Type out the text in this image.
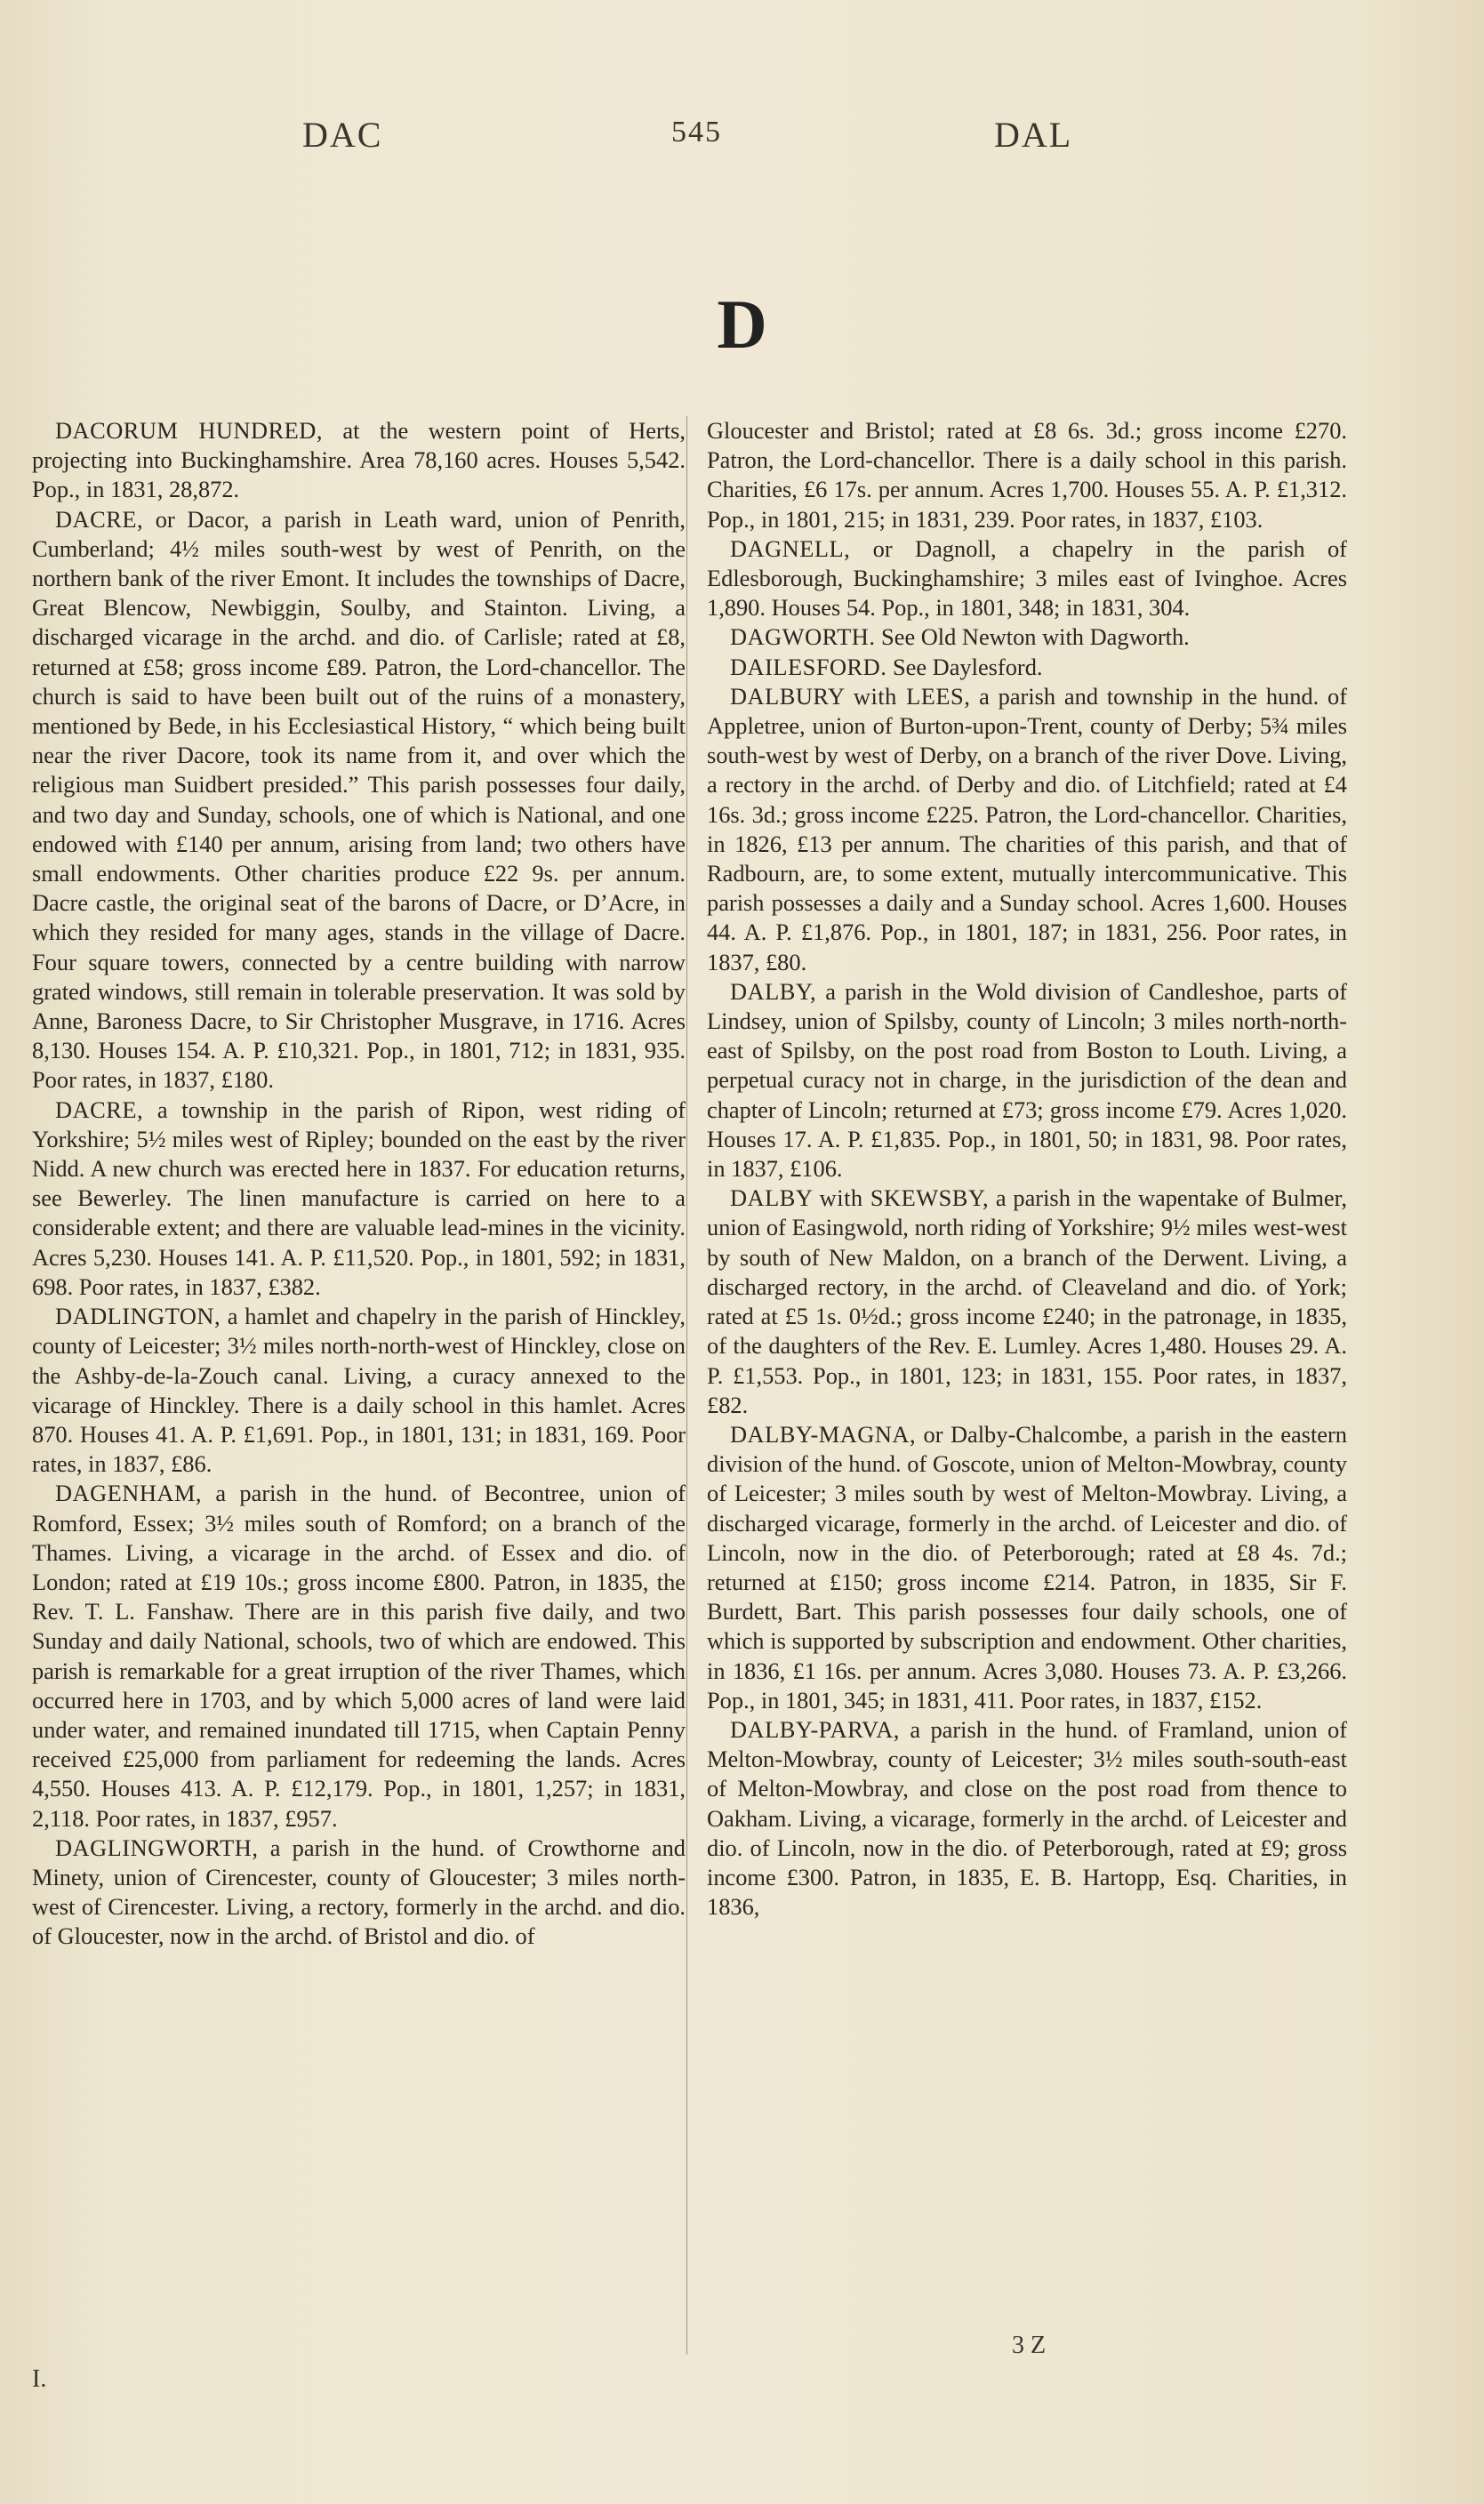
DAC	545	DAL
D

DACORUM HUNDRED, at the western point of Herts, projecting into Buckinghamshire. Area 78,160 acres. Houses 5,542. Pop., in 1831, 28,872.

DACRE, or Dacor, a parish in Leath ward, union of Penrith, Cumberland; 4½ miles south-west by west of Penrith, on the northern bank of the river Emont. It includes the townships of Dacre, Great Blencow, Newbiggin, Soulby, and Stainton. Living, a discharged vicarage in the archd. and dio. of Carlisle; rated at £8, returned at £58; gross income £89. Patron, the Lord-chancellor. The church is said to have been built out of the ruins of a monastery, mentioned by Bede, in his Ecclesiastical History, “ which being built near the river Dacore, took its name from it, and over which the religious man Suidbert presided.” This parish possesses four daily, and two day and Sunday, schools, one of which is National, and one endowed with £140 per annum, arising from land; two others have small endowments. Other charities produce £22 9s. per annum. Dacre castle, the original seat of the barons of Dacre, or D’Acre, in which they resided for many ages, stands in the village of Dacre. Four square towers, connected by a centre building with narrow grated windows, still remain in tolerable preservation. It was sold by Anne, Baroness Dacre, to Sir Christopher Musgrave, in 1716. Acres 8,130. Houses 154. A. P. £10,321. Pop., in 1801, 712; in 1831, 935. Poor rates, in 1837, £180.

DACRE, a township in the parish of Ripon, west riding of Yorkshire; 5½ miles west of Ripley; bounded on the east by the river Nidd. A new church was erected here in 1837. For education returns, see Bewerley. The linen manufacture is carried on here to a considerable extent; and there are valuable lead-mines in the vicinity. Acres 5,230. Houses 141. A. P. £11,520. Pop., in 1801, 592; in 1831, 698. Poor rates, in 1837, £382.

DADLINGTON, a hamlet and chapelry in the parish of Hinckley, county of Leicester; 3½ miles north-north-west of Hinckley, close on the Ashby-de-la-Zouch canal. Living, a curacy annexed to the vicarage of Hinckley. There is a daily school in this hamlet. Acres 870. Houses 41. A. P. £1,691. Pop., in 1801, 131; in 1831, 169. Poor rates, in 1837, £86.

DAGENHAM, a parish in the hund. of Becontree, union of Romford, Essex; 3½ miles south of Romford; on a branch of the Thames. Living, a vicarage in the archd. of Essex and dio. of London; rated at £19 10s.; gross income £800. Patron, in 1835, the Rev. T. L. Fanshaw. There are in this parish five daily, and two Sunday and daily National, schools, two of which are endowed. This parish is remarkable for a great irruption of the river Thames, which occurred here in 1703, and by which 5,000 acres of land were laid under water, and remained inundated till 1715, when Captain Penny received £25,000 from parliament for redeeming the lands. Acres 4,550. Houses 413. A. P. £12,179. Pop., in 1801, 1,257; in 1831, 2,118. Poor rates, in 1837, £957.

DAGLINGWORTH, a parish in the hund. of Crowthorne and Minety, union of Cirencester, county of Gloucester; 3 miles north-west of Cirencester. Living, a rectory, formerly in the archd. and dio. of Gloucester, now in the archd. of Bristol and dio. of

Gloucester and Bristol; rated at £8 6s. 3d.; gross income £270. Patron, the Lord-chancellor. There is a daily school in this parish. Charities, £6 17s. per annum. Acres 1,700. Houses 55. A. P. £1,312. Pop., in 1801, 215; in 1831, 239. Poor rates, in 1837, £103.

DAGNELL, or Dagnoll, a chapelry in the parish of Edlesborough, Buckinghamshire; 3 miles east of Ivinghoe. Acres 1,890. Houses 54. Pop., in 1801, 348; in 1831, 304.

DAGWORTH. See Old Newton with Dagworth.

DAILESFORD. See Daylesford.

DALBURY with LEES, a parish and township in the hund. of Appletree, union of Burton-upon-Trent, county of Derby; 5¾ miles south-west by west of Derby, on a branch of the river Dove. Living, a rectory in the archd. of Derby and dio. of Litchfield; rated at £4 16s. 3d.; gross income £225. Patron, the Lord-chancellor. Charities, in 1826, £13 per annum. The charities of this parish, and that of Radbourn, are, to some extent, mutually intercommunicative. This parish possesses a daily and a Sunday school. Acres 1,600. Houses 44. A. P. £1,876. Pop., in 1801, 187; in 1831, 256. Poor rates, in 1837, £80.

DALBY, a parish in the Wold division of Candleshoe, parts of Lindsey, union of Spilsby, county of Lincoln; 3 miles north-north-east of Spilsby, on the post road from Boston to Louth. Living, a perpetual curacy not in charge, in the jurisdiction of the dean and chapter of Lincoln; returned at £73; gross income £79. Acres 1,020. Houses 17. A. P. £1,835. Pop., in 1801, 50; in 1831, 98. Poor rates, in 1837, £106.

DALBY with SKEWSBY, a parish in the wapentake of Bulmer, union of Easingwold, north riding of Yorkshire; 9½ miles west-west by south of New Maldon, on a branch of the Derwent. Living, a discharged rectory, in the archd. of Cleaveland and dio. of York; rated at £5 1s. 0½d.; gross income £240; in the patronage, in 1835, of the daughters of the Rev. E. Lumley. Acres 1,480. Houses 29. A. P. £1,553. Pop., in 1801, 123; in 1831, 155. Poor rates, in 1837, £82.

DALBY-MAGNA, or Dalby-Chalcombe, a parish in the eastern division of the hund. of Goscote, union of Melton-Mowbray, county of Leicester; 3 miles south by west of Melton-Mowbray. Living, a discharged vicarage, formerly in the archd. of Leicester and dio. of Lincoln, now in the dio. of Peterborough; rated at £8 4s. 7d.; returned at £150; gross income £214. Patron, in 1835, Sir F. Burdett, Bart. This parish possesses four daily schools, one of which is supported by subscription and endowment. Other charities, in 1836, £1 16s. per annum. Acres 3,080. Houses 73. A. P. £3,266. Pop., in 1801, 345; in 1831, 411. Poor rates, in 1837, £152.

DALBY-PARVA, a parish in the hund. of Framland, union of Melton-Mowbray, county of Leicester; 3½ miles south-south-east of Melton-Mowbray, and close on the post road from thence to Oakham. Living, a vicarage, formerly in the archd. of Leicester and dio. of Lincoln, now in the dio. of Peterborough, rated at £9; gross income £300. Patron, in 1835, E. B. Hartopp, Esq. Charities, in 1836,

I.
3 Z
